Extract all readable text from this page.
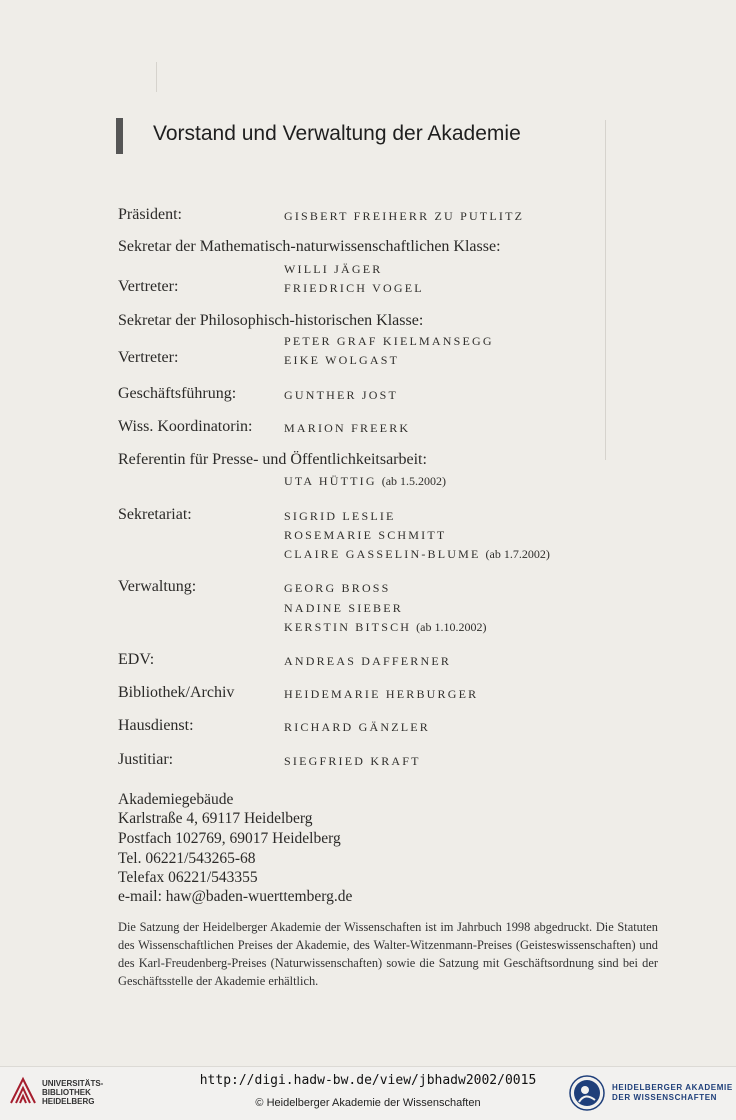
Vorstand und Verwaltung der Akademie
Präsident:	GISBERT FREIHERR ZU PUTLITZ
Sekretar der Mathematisch-naturwissenschaftlichen Klasse:
WILLI JÄGER
Vertreter:	FRIEDRICH VOGEL
Sekretar der Philosophisch-historischen Klasse:
PETER GRAF KIELMANSEGG
Vertreter:	EIKE WOLGAST
Geschäftsführung:	GUNTHER JOST
Wiss. Koordinatorin:	MARION FREERK
Referentin für Presse- und Öffentlichkeitsarbeit:
UTA HÜTTIG (ab 1.5.2002)
Sekretariat:	SIGRID LESLIE
ROSEMARIE SCHMITT
CLAIRE GASSELIN-BLUME (ab 1.7.2002)
Verwaltung:	GEORG BROSS
NADINE SIEBER
KERSTIN BITSCH (ab 1.10.2002)
EDV:	ANDREAS DAFFERNER
Bibliothek/Archiv	HEIDEMARIE HERBURGER
Hausdienst:	RICHARD GÄNZLER
Justitiar:	SIEGFRIED KRAFT
Akademiegebäude
Karlstraße 4, 69117 Heidelberg
Postfach 102769, 69017 Heidelberg
Tel. 06221/543265-68
Telefax 06221/543355
e-mail: haw@baden-wuerttemberg.de
Die Satzung der Heidelberger Akademie der Wissenschaften ist im Jahrbuch 1998 abgedruckt. Die Statuten des Wissenschaftlichen Preises der Akademie, des Walter-Witzenmann-Preises (Geisteswissenschaften) und des Karl-Freudenberg-Preises (Naturwissenschaften) sowie die Satzung mit Geschäftsordnung sind bei der Geschäftsstelle der Akademie erhältlich.
UNIVERSITÄTS-
BIBLIOTHEK
HEIDELBERG
http://digi.hadw-bw.de/view/jbhadw2002/0015
© Heidelberger Akademie der Wissenschaften
HEIDELBERGER AKADEMIE
DER WISSENSCHAFTEN
